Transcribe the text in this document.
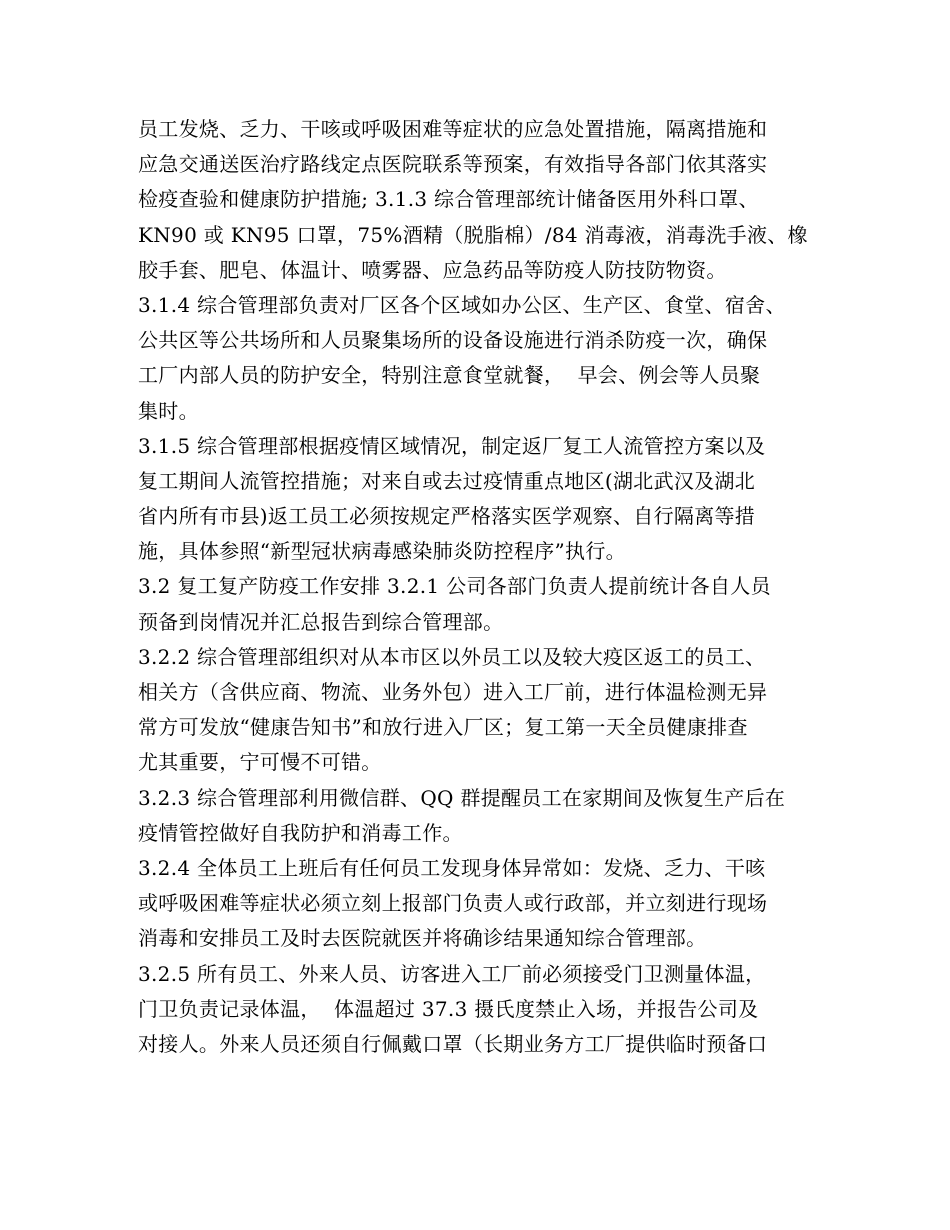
员工发烧、乏力、干咳或呼吸困难等症状的应急处置措施，隔离措施和
应急交通送医治疗路线定点医院联系等预案，有效指导各部门依其落实
检疫查验和健康防护措施; 3.1.3 综合管理部统计储备医用外科口罩、
KN90 或 KN95 口罩，75%酒精（脱脂棉）/84 消毒液，消毒洗手液、橡
胶手套、肥皂、体温计、喷雾器、应急药品等防疫人防技防物资。
3.1.4 综合管理部负责对厂区各个区域如办公区、生产区、食堂、宿舍、
公共区等公共场所和人员聚集场所的设备设施进行消杀防疫一次，确保
工厂内部人员的防护安全，特别注意食堂就餐，  早会、例会等人员聚
集时。
3.1.5 综合管理部根据疫情区域情况，制定返厂复工人流管控方案以及
复工期间人流管控措施；对来自或去过疫情重点地区(湖北武汉及湖北
省内所有市县)返工员工必须按规定严格落实医学观察、自行隔离等措
施，具体参照“新型冠状病毒感染肺炎防控程序”执行。
3.2 复工复产防疫工作安排 3.2.1 公司各部门负责人提前统计各自人员
预备到岗情况并汇总报告到综合管理部。
3.2.2 综合管理部组织对从本市区以外员工以及较大疫区返工的员工、
相关方（含供应商、物流、业务外包）进入工厂前，进行体温检测无异
常方可发放“健康告知书”和放行进入厂区；复工第一天全员健康排查
尤其重要，宁可慢不可错。
3.2.3 综合管理部利用微信群、QQ 群提醒员工在家期间及恢复生产后在
疫情管控做好自我防护和消毒工作。
3.2.4 全体员工上班后有任何员工发现身体异常如：发烧、乏力、干咳
或呼吸困难等症状必须立刻上报部门负责人或行政部，并立刻进行现场
消毒和安排员工及时去医院就医并将确诊结果通知综合管理部。
3.2.5 所有员工、外来人员、访客进入工厂前必须接受门卫测量体温，
门卫负责记录体温，  体温超过 37.3 摄氏度禁止入场，并报告公司及
对接人。外来人员还须自行佩戴口罩（长期业务方工厂提供临时预备口
